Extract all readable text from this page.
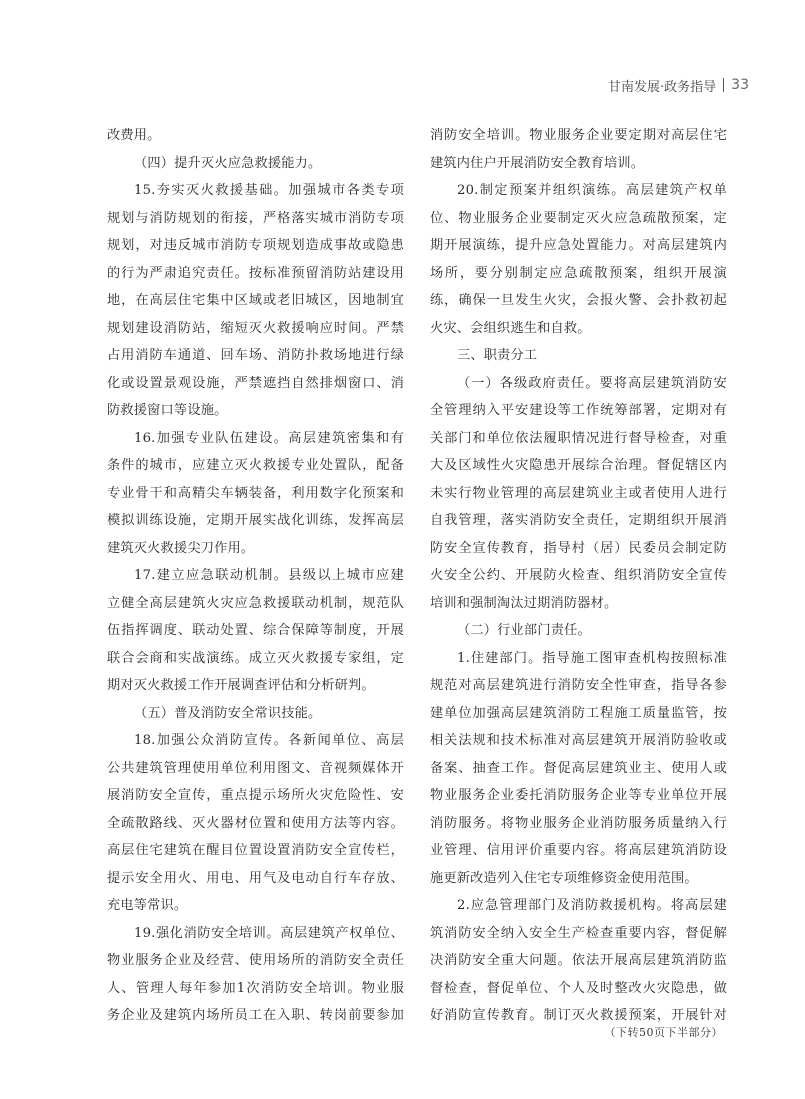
甘南发展·政务指导 33
改费用。
（四）提升灭火应急救援能力。
15.夯实灭火救援基础。加强城市各类专项
规划与消防规划的衔接，严格落实城市消防专项
规划，对违反城市消防专项规划造成事故或隐患
的行为严肃追究责任。按标准预留消防站建设用
地，在高层住宅集中区域或老旧城区，因地制宜
规划建设消防站，缩短灭火救援响应时间。严禁
占用消防车通道、回车场、消防扑救场地进行绿
化或设置景观设施，严禁遮挡自然排烟窗口、消
防救援窗口等设施。
16.加强专业队伍建设。高层建筑密集和有
条件的城市，应建立灭火救援专业处置队，配备
专业骨干和高精尖车辆装备，利用数字化预案和
模拟训练设施，定期开展实战化训练，发挥高层
建筑灭火救援尖刀作用。
17.建立应急联动机制。县级以上城市应建
立健全高层建筑火灾应急救援联动机制，规范队
伍指挥调度、联动处置、综合保障等制度，开展
联合会商和实战演练。成立灭火救援专家组，定
期对灭火救援工作开展调查评估和分析研判。
（五）普及消防安全常识技能。
18.加强公众消防宣传。各新闻单位、高层
公共建筑管理使用单位利用图文、音视频媒体开
展消防安全宣传，重点提示场所火灾危险性、安
全疏散路线、灭火器材位置和使用方法等内容。
高层住宅建筑在醒目位置设置消防安全宣传栏，
提示安全用火、用电、用气及电动自行车存放、
充电等常识。
19.强化消防安全培训。高层建筑产权单位、
物业服务企业及经营、使用场所的消防安全责任
人、管理人每年参加1次消防安全培训。物业服
务企业及建筑内场所员工在入职、转岗前要参加
消防安全培训。物业服务企业要定期对高层住宅
建筑内住户开展消防安全教育培训。
20.制定预案并组织演练。高层建筑产权单
位、物业服务企业要制定灭火应急疏散预案，定
期开展演练，提升应急处置能力。对高层建筑内
场所，要分别制定应急疏散预案，组织开展演
练，确保一旦发生火灾，会报火警、会扑救初起
火灾、会组织逃生和自救。
三、职责分工
（一）各级政府责任。要将高层建筑消防安
全管理纳入平安建设等工作统筹部署，定期对有
关部门和单位依法履职情况进行督导检查，对重
大及区域性火灾隐患开展综合治理。督促辖区内
未实行物业管理的高层建筑业主或者使用人进行
自我管理，落实消防安全责任，定期组织开展消
防安全宣传教育，指导村（居）民委员会制定防
火安全公约、开展防火检查、组织消防安全宣传
培训和强制淘汰过期消防器材。
（二）行业部门责任。
1.住建部门。指导施工图审查机构按照标准
规范对高层建筑进行消防安全性审查，指导各参
建单位加强高层建筑消防工程施工质量监管，按
相关法规和技术标准对高层建筑开展消防验收或
备案、抽查工作。督促高层建筑业主、使用人或
物业服务企业委托消防服务企业等专业单位开展
消防服务。将物业服务企业消防服务质量纳入行
业管理、信用评价重要内容。将高层建筑消防设
施更新改造列入住宅专项维修资金使用范围。
2.应急管理部门及消防救援机构。将高层建
筑消防安全纳入安全生产检查重要内容，督促解
决消防安全重大问题。依法开展高层建筑消防监
督检查，督促单位、个人及时整改火灾隐患，做
好消防宣传教育。制订灭火救援预案，开展针对
（下转50页下半部分）
